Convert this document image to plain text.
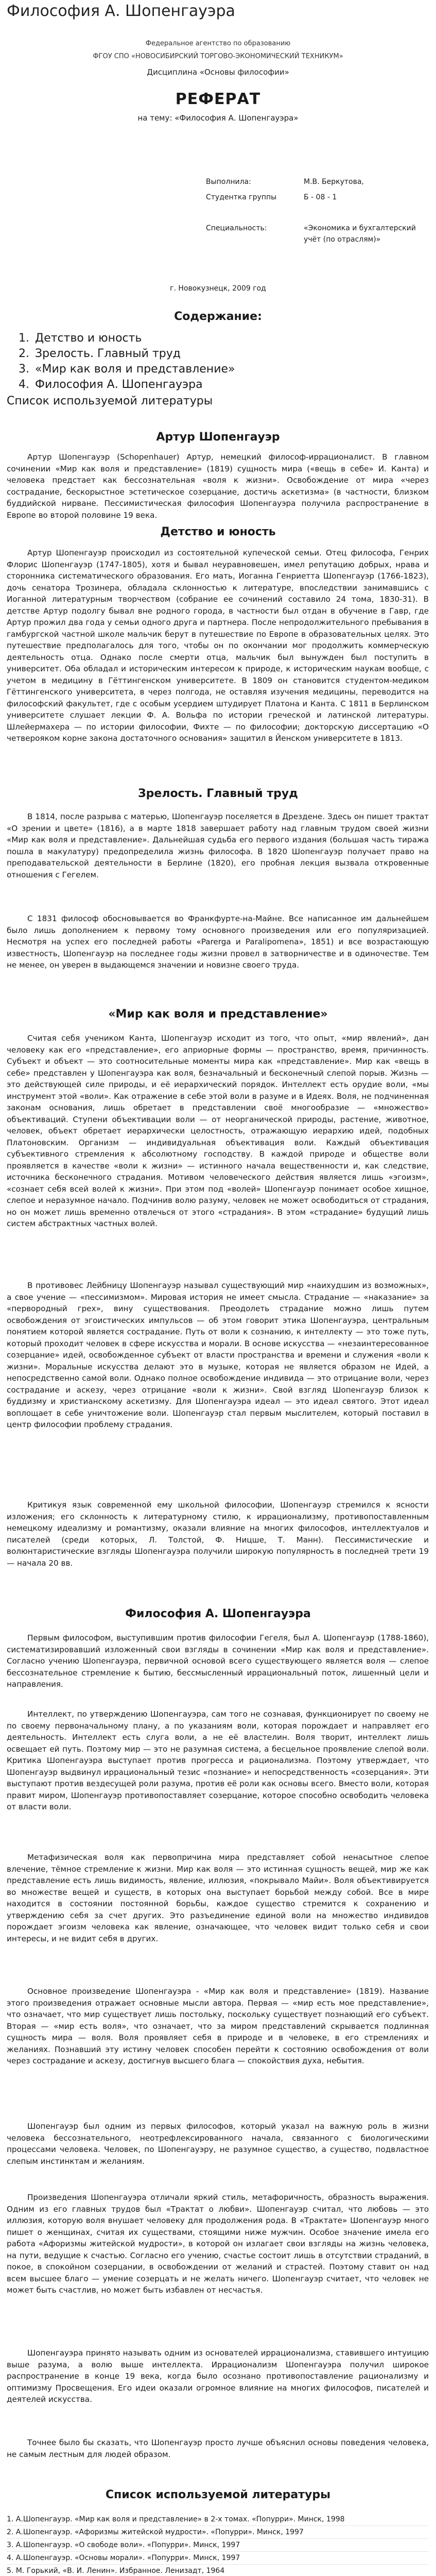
Философия А. Шопенгауэра

Федеральное агентство по образованию

ФГОУ СПО «НОВОСИБИРСКИЙ ТОРГОВО-ЭКОНОМИЧЕСКИЙ ТЕХНИКУМ»

Дисциплина «Основы философии»

РЕФЕРАТ

на тему: «Философия А. Шопенгауэра»

Выполнила:	М.В. Беркутова,
Студентка группы	Б - 08 - 1
Специальность:	«Экономика и бухгалтерский
учёт (по отраслям)»
г. Новокузнецк, 2009 год
Содержание:
1. Детство и юность
2. Зрелость. Главный труд
3. «Мир как воля и представление»
4. Философия А. Шопенгауэра
Список используемой литературы
Артур Шопенгауэр

Артур Шопенгауэр (Schopenhauer) Артур, немецкий философ-иррационалист. В главном сочинении «Мир как воля и представление» (1819) сущность мира («вещь в себе» И. Канта) и человека предстает как бессознательная «воля к жизни». Освобождение от мира «через сострадание, бескорыстное эстетическое созерцание, достичь аскетизма» (в частности, близком буддийской нирване. Пессимистическая философия Шопенгауэра получила распространение в Европе во второй половине 19 века.

Детство и юность

Артур Шопенгауэр происходил из состоятельной купеческой семьи. Отец философа, Генрих Флорис Шопенгауэр (1747-1805), хотя и бывал неуравновешен, имел репутацию добрых, нрава и сторонника систематического образования. Его мать, Иоганна Генриетта Шопенгауэр (1766-1823), дочь сенатора Трозинера, обладала склонностью к литературе, впоследствии занимавшись с Иоганной литературным творчеством (собрание ее сочинений составило 24 тома, 1830-31). В детстве Артур подолгу бывал вне родного города, в частности был отдан в обучение в Гавр, где Артур прожил два года у семьи одного друга и партнера. После непродолжительного пребывания в гамбургской частной школе мальчик берут в путешествие по Европе в образовательных целях. Это путешествие предполагалось для того, чтобы он по окончании мог продолжить коммерческую деятельность отца. Однако после смерти отца, мальчик был вынужден был поступить в университет. Оба обладал и историческим интересом к природе, к историческим наукам вообще, с учетом в медицину в Гёттингенском университете. В 1809 он становится студентом-медиком Гёттингенского университета, в через полгода, не оставляя изучения медицины, переводится на философский факультет, где с особым усердием штудирует Платона и Канта. С 1811 в Берлинском университете слушает лекции Ф. А. Вольфа по истории греческой и латинской литературы. Шлейермахера — по истории философии, Фихте — по философии; докторскую диссертацию «О четверояком корне закона достаточного основания» защитил в Йенском университете в 1813.

Зрелость. Главный труд

В 1814, после разрыва с матерью, Шопенгауэр поселяется в Дрездене. Здесь он пишет трактат «О зрении и цвете» (1816), а в марте 1818 завершает работу над главным трудом своей жизни «Мир как воля и представление». Дальнейшая судьба его первого издания (большая часть тиража пошла в макулатуру) предопределила жизнь философа. В 1820 Шопенгауэр получает право на преподавательской деятельности в Берлине (1820), его пробная лекция вызвала откровенные отношения с Гегелем.

С 1831 философ обосновывается во Франкфурте-на-Майне. Все написанное им дальнейшем было лишь дополнением к первому тому основного произведения или его популяризацией. Несмотря на успех его последней работы «Parerga и Paralipomena», 1851) и все возрастающую известность, Шопенгауэр на последнее годы жизни провел в затворничестве и в одиночестве. Тем не менее, он уверен в выдающемся значении и новизне своего труда.

«Мир как воля и представление»

Считая себя учеником Канта, Шопенгауэр исходит из того, что опыт, «мир явлений», дан человеку как его «представление», его априорные формы — пространство, время, причинность. Субъект и объект — это соотносительные моменты мира как «представление». Мир как «вещь в себе» представлен у Шопенгауэра как воля, безначальный и бесконечный слепой порыв. Жизнь — это действующей силе природы, и её иерархический порядок. Интеллект есть орудие воли, «мы инструмент этой «воли». Как отражение в себе этой воли в разуме и в Идеях. Воля, не подчиненная законам основания, лишь обретает в представлении своё многообразие — «множество» объективаций. Ступени объективации воли — от неорганической природы, растение, животное, человек, объект обретает иерархически целостность, отражающую иерархию идей, подобных Платоновским. Организм — индивидуальная объективация воли. Каждый объективация субъективного стремления к абсолютному господству. В каждой природе и обществе воли проявляется в качестве «воли к жизни» — истинного начала вещественности и, как следствие, источника бесконечного страдания. Мотивом человеческого действия является лишь «эгоизм», «сознает себя всей волей к жизни». При этом под «волей» Шопенгауэр понимает особое хищное, слепое и неразумное начало. Подчинив волю разуму, человек не может освободиться от страдания, но он может лишь временно отвлечься от этого «страдания». В этом «страдание» будущий лишь систем абстрактных частных волей.

В противовес Лейбницу Шопенгауэр называл существующий мир «наихудшим из возможных», а свое учение — «пессимизмом». Мировая история не имеет смысла. Страдание — «наказание» за «первородный грех», вину существования. Преодолеть страдание можно лишь путем освобождения от эгоистических импульсов — об этом говорит этика Шопенгауэра, центральным понятием которой является сострадание. Путь от воли к сознанию, к интеллекту — это тоже путь, который проходит человек в сфере искусства и морали. В основе искусства — «незаинтересованное созерцание» идей, освобожденное субъект от власти пространства и времени и служения «воли к жизни». Моральные искусства делают это в музыке, которая не является образом не Идей, а непосредственно самой воли. Однако полное освобождение индивида — это отрицание воли, через сострадание и аскезу, через отрицание «воли к жизни». Свой взгляд Шопенгауэр близок к буддизму и христианскому аскетизму. Для Шопенгауэра идеал — это идеал святого. Этот идеал воплощает в себе уничтожение воли. Шопенгауэр стал первым мыслителем, который поставил в центр философии проблему страдания.

Критикуя язык современной ему школьной философии, Шопенгауэр стремился к ясности изложения; его склонность к литературному стилю, к иррационализму, противопоставленным немецкому идеализму и романтизму, оказали влияние на многих философов, интеллектуалов и писателей (среди которых, Л. Толстой, Ф. Ницше, Т. Манн). Пессимистические и волюнтаристические взгляды Шопенгауэра получили широкую популярность в последней трети 19 — начала 20 вв.

Философия А. Шопенгауэра

Первым философом, выступившим против философии Гегеля, был А. Шопенгауэр (1788-1860), систематизировавший изложенный свои взгляды в сочинении «Мир как воля и представление». Согласно учению Шопенгауэра, первичной основой всего существующего является воля — слепое бессознательное стремление к бытию, бессмысленный иррациональный поток, лишенный цели и направления.

Интеллект, по утверждению Шопенгауэра, сам того не сознавая, функционирует по своему не по своему первоначальному плану, а по указаниям воли, которая порождает и направляет его деятельность. Интеллект есть слуга воли, а не её властелин. Воля творит, интеллект лишь освещает ей путь. Поэтому мир — это не разумная система, а бесцельное проявление слепой воли. Критика Шопенгауэра выступает против прогресса и рационализма. Поэтому утверждает, что Шопенгауэр выдвинул иррациональный тезис «познание» и непосредственность «созерцания». Эти выступают против вездесущей роли разума, против её роли как основы всего. Вместо воли, которая правит миром, Шопенгауэр противопоставляет созерцание, которое способно освободить человека от власти воли.

Метафизическая воля как первопричина мира представляет собой ненасытное слепое влечение, тёмное стремление к жизни. Мир как воля — это истинная сущность вещей, мир же как представление есть лишь видимость, явление, иллюзия, «покрывало Майи». Воля объективируется во множестве вещей и существ, в которых она выступает борьбой между собой. Все в мире находится в состоянии постоянной борьбы, каждое существо стремится к сохранению и утверждению себя за счет других. Это разъединение единой воли на множество индивидов порождает эгоизм человека как явление, означающее, что человек видит только себя и свои интересы, и не видит себя в других.

Основное произведение Шопенгауэра - «Мир как воля и представление» (1819). Название этого произведения отражает основные мысли автора. Первая — «мир есть мое представление», что означает, что мир существует лишь постольку, поскольку существует познающий его субъект. Вторая — «мир есть воля», что означает, что за миром представлений скрывается подлинная сущность мира — воля. Воля проявляет себя в природе и в человеке, в его стремлениях и желаниях. Познавший эту истину человек способен перейти к состоянию освобождения от воли через сострадание и аскезу, достигнув высшего блага — спокойствия духа, небытия.

Шопенгауэр был одним из первых философов, который указал на важную роль в жизни человека бессознательного, неотрефлексированного начала, связанного с биологическими процессами человека. Человек, по Шопенгауэру, не разумное существо, а существо, подвластное слепым инстинктам и желаниям.

Произведения Шопенгауэра отличали яркий стиль, метафоричность, образность выражения. Одним из его главных трудов был «Трактат о любви». Шопенгауэр считал, что любовь — это иллюзия, которую воля внушает человеку для продолжения рода. В «Трактате» Шопенгауэр много пишет о женщинах, считая их существами, стоящими ниже мужчин. Особое значение имела его работа «Афоризмы житейской мудрости», в которой он излагает свои взгляды на жизнь человека, на пути, ведущие к счастью. Согласно его учению, счастье состоит лишь в отсутствии страданий, в покое, в спокойном созерцании, в освобождении от желаний и страстей. Поэтому ставит он над всем высшее благо — умение созерцать и не желать ничего. Шопенгауэр считает, что человек не может быть счастлив, но может быть избавлен от несчастья.

Шопенгауэра принято называть одним из основателей иррационализма, ставившего интуицию выше разума, а волю выше интеллекта. Иррационализм Шопенгауэра получил широкое распространение в конце 19 века, когда было осознано противопоставление рационализму и оптимизму Просвещения. Его идеи оказали огромное влияние на многих философов, писателей и деятелей искусства.

Точнее было бы сказать, что Шопенгауэр просто лучше объяснил основы поведения человека, не самым лестным для людей образом.

Список используемой литературы
1. А.Шопенгауэр. «Мир как воля и представление» в 2-х томах. «Попурри». Минск, 1998
2. А.Шопенгауэр. «Афоризмы житейской мудрости». «Попурри». Минск, 1997
3. А.Шопенгауэр. «О свободе воли». «Попурри». Минск, 1997
4. А.Шопенгауэр. «Основы морали». «Попурри». Минск, 1997
5. М. Горький, «В. И. Ленин». Избранное. Ленизадт, 1964
